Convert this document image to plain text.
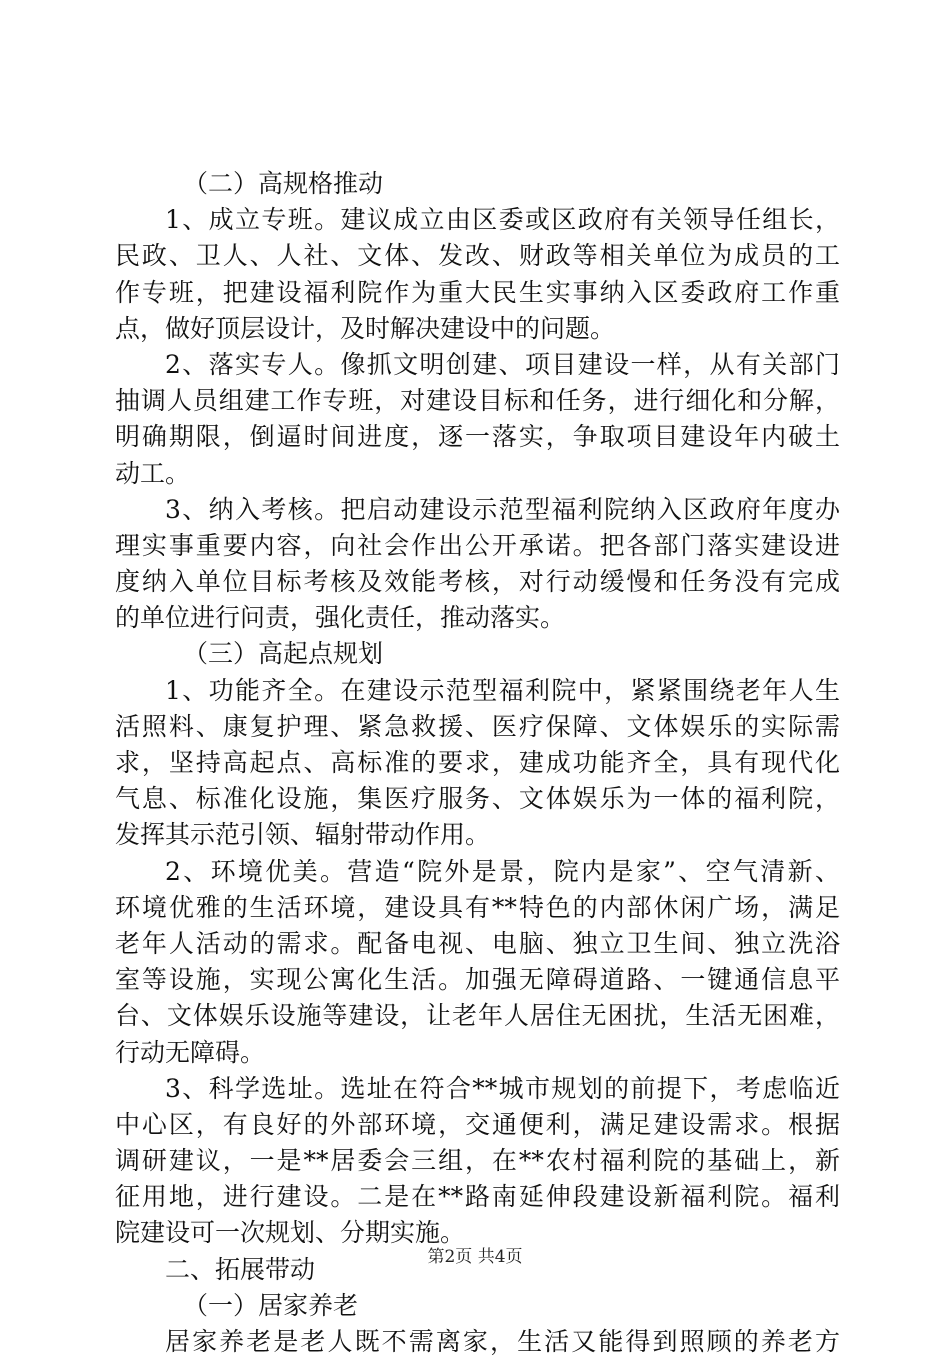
（二）高规格推动
1、成立专班。建议成立由区委或区政府有关领导任组长，
民政、卫人、人社、文体、发改、财政等相关单位为成员的工
作专班，把建设福利院作为重大民生实事纳入区委政府工作重
点，做好顶层设计，及时解决建设中的问题。
2、落实专人。像抓文明创建、项目建设一样，从有关部门
抽调人员组建工作专班，对建设目标和任务，进行细化和分解，
明确期限，倒逼时间进度，逐一落实，争取项目建设年内破土
动工。
3、纳入考核。把启动建设示范型福利院纳入区政府年度办
理实事重要内容，向社会作出公开承诺。把各部门落实建设进
度纳入单位目标考核及效能考核，对行动缓慢和任务没有完成
的单位进行问责，强化责任，推动落实。
（三）高起点规划
1、功能齐全。在建设示范型福利院中，紧紧围绕老年人生
活照料、康复护理、紧急救援、医疗保障、文体娱乐的实际需
求，坚持高起点、高标准的要求，建成功能齐全，具有现代化
气息、标准化设施，集医疗服务、文体娱乐为一体的福利院，
发挥其示范引领、辐射带动作用。
2、环境优美。营造“院外是景，院内是家”、空气清新、
环境优雅的生活环境，建设具有**特色的内部休闲广场，满足
老年人活动的需求。配备电视、电脑、独立卫生间、独立洗浴
室等设施，实现公寓化生活。加强无障碍道路、一键通信息平
台、文体娱乐设施等建设，让老年人居住无困扰，生活无困难，
行动无障碍。
3、科学选址。选址在符合**城市规划的前提下，考虑临近
中心区，有良好的外部环境，交通便利，满足建设需求。根据
调研建议，一是**居委会三组，在**农村福利院的基础上，新
征用地，进行建设。二是在**路南延伸段建设新福利院。福利
院建设可一次规划、分期实施。
二、拓展带动
（一）居家养老
居家养老是老人既不需离家，生活又能得到照顾的养老方
第2页 共4页
